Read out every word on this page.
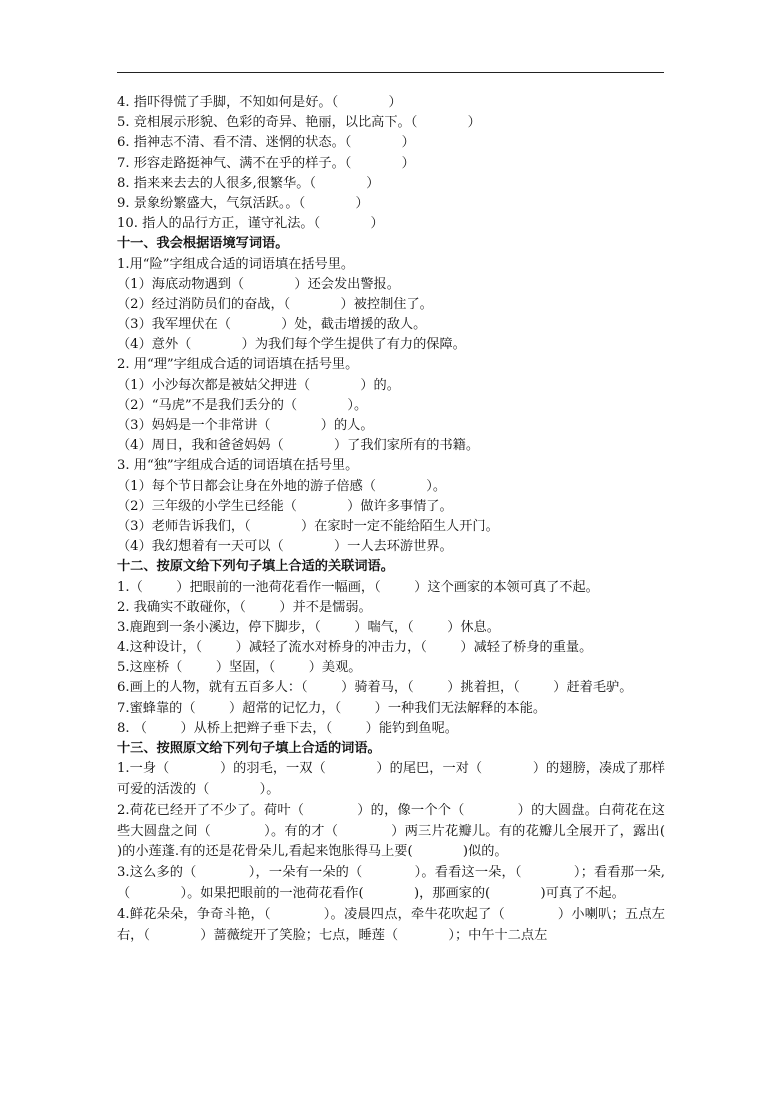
4. 指吓得慌了手脚，不知如何是好。（            ）
5. 竞相展示形貌、色彩的奇异、艳丽，以比高下。（            ）
6. 指神志不清、看不清、迷惘的状态。（            ）
7. 形容走路挺神气、满不在乎的样子。（            ）
8. 指来来去去的人很多,很繁华。（            ）
9. 景象纷繁盛大，气氛活跃。。（            ）
10. 指人的品行方正，谨守礼法。（            ）
十一、我会根据语境写词语。
1.用“险”字组成合适的词语填在括号里。
（1）海底动物遇到（            ）还会发出警报。
（2）经过消防员们的奋战，（            ）被控制住了。
（3）我军埋伏在（            ）处，截击增援的敌人。
（4）意外（            ）为我们每个学生提供了有力的保障。
2. 用“理”字组成合适的词语填在括号里。
（1）小沙每次都是被姑父押进（            ）的。
（2）“马虎”不是我们丢分的（            ）。
（3）妈妈是一个非常讲（            ）的人。
（4）周日，我和爸爸妈妈（            ）了我们家所有的书籍。
3. 用“独”字组成合适的词语填在括号里。
（1）每个节日都会让身在外地的游子倍感（            ）。
（2）三年级的小学生已经能（            ）做许多事情了。
（3）老师告诉我们，（            ）在家时一定不能给陌生人开门。
（4）我幻想着有一天可以（            ）一人去环游世界。
十二、按原文给下列句子填上合适的关联词语。
1.（        ）把眼前的一池荷花看作一幅画，（        ）这个画家的本领可真了不起。
2. 我确实不敢碰你，（        ）并不是懦弱。
3.鹿跑到一条小溪边，停下脚步，（        ）喘气，（        ）休息。
4.这种设计，（        ）减轻了流水对桥身的冲击力，（        ）减轻了桥身的重量。
5.这座桥（        ）坚固，（        ）美观。
6.画上的人物，就有五百多人：（        ）骑着马，（        ）挑着担，（        ）赶着毛驴。
7.蜜蜂靠的（        ）超常的记忆力，（        ）一种我们无法解释的本能。
8. （        ）从桥上把辫子垂下去，（        ）能钓到鱼呢。
十三、按照原文给下列句子填上合适的词语。
1.一身（            ）的羽毛，一双（            ）的尾巴，一对（            ）的翅膀，凑成了那样可爱的活泼的（            ）。
2.荷花已经开了不少了。荷叶（            ）的，像一个个（            ）的大圆盘。白荷花在这些大圆盘之间（            ）。有的才（            ）两三片花瓣儿。有的花瓣儿全展开了，露出(            )的小莲蓬.有的还是花骨朵儿,看起来饱胀得马上要(            )似的。
3.这么多的（            ），一朵有一朵的（            ）。看看这一朵，（            ）；看看那一朵,（            ）。如果把眼前的一池荷花看作(            )，那画家的(            )可真了不起。
4.鲜花朵朵，争奇斗艳，（            ）。凌晨四点，牵牛花吹起了（            ）小喇叭；五点左右，（            ）蔷薇绽开了笑脸；七点，睡莲（            ）；中午十二点左
